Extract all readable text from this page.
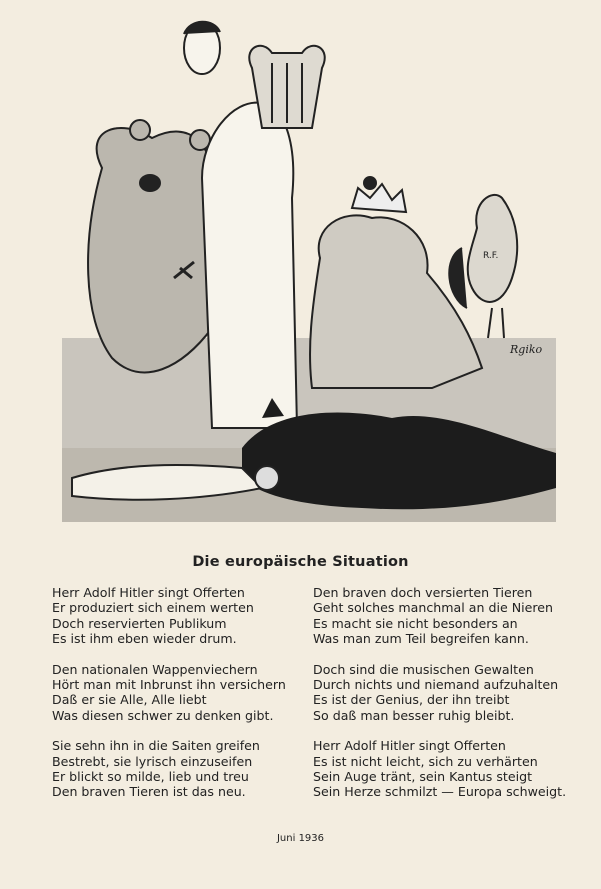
R.F.
Rgiko
Die europäische Situation
Herr Adolf Hitler singt Offerten
Er produziert sich einem werten
Doch reservierten Publikum
Es ist ihm eben wieder drum.
Den nationalen Wappenviechern
Hört man mit Inbrunst ihn versichern
Daß er sie Alle, Alle liebt
Was diesen schwer zu denken gibt.
Sie sehn ihn in die Saiten greifen
Bestrebt, sie lyrisch einzuseifen
Er blickt so milde, lieb und treu
Den braven Tieren ist das neu.
Den braven doch versierten Tieren
Geht solches manchmal an die Nieren
Es macht sie nicht besonders an
Was man zum Teil begreifen kann.
Doch sind die musischen Gewalten
Durch nichts und niemand aufzuhalten
Es ist der Genius, der ihn treibt
So daß man besser ruhig bleibt.
Herr Adolf Hitler singt Offerten
Es ist nicht leicht, sich zu verhärten
Sein Auge tränt, sein Kantus steigt
Sein Herze schmilzt — Europa schweigt.
Juni 1936
